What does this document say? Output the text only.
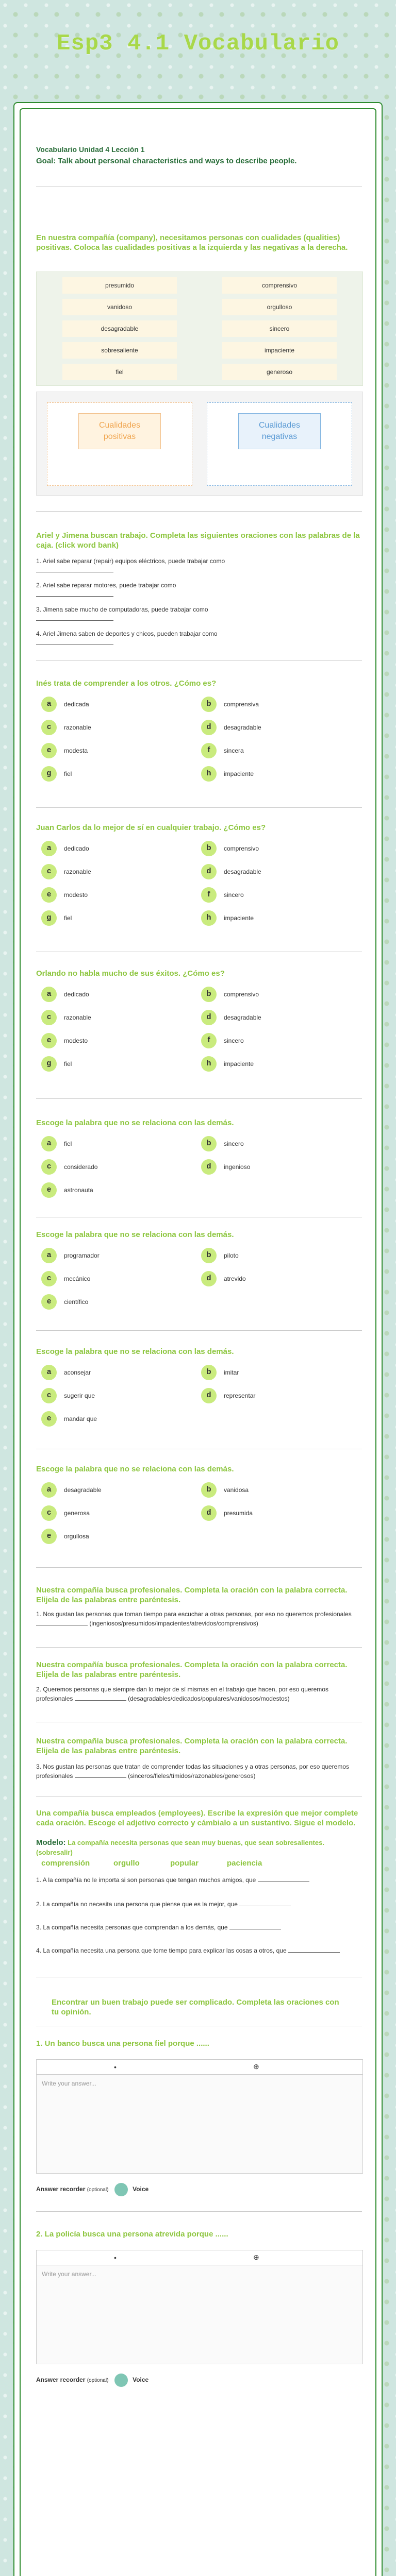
Esp3 4.1 Vocabulario
Vocabulario Unidad 4 Lección 1
Goal: Talk about personal characteristics and ways to describe people.
En nuestra compañía (company), necesitamos personas con cualidades (qualities) positivas. Coloca las cualidades positivas a la izquierda y las negativas a la derecha.
presumido	comprensivo
vanidoso	orgulloso
desagradable	sincero
sobresaliente	impaciente
fiel	generoso
Cualidades
positivas
Cualidades
negativas
Ariel y Jimena buscan trabajo. Completa las siguientes oraciones con las palabras de la caja. (click word bank)
1. Ariel sabe reparar (repair) equipos eléctricos, puede trabajar como

2. Ariel sabe reparar motores, puede trabajar como

3. Jimena sabe mucho de computadoras, puede trabajar como

4. Ariel Jimena saben de deportes y chicos, pueden trabajar como

Inés trata de comprender a los otros. ¿Cómo es?
a	dedicada	b	comprensiva
c	razonable	d	desagradable
e	modesta	f	sincera
g	fiel	h	impaciente
Juan Carlos da lo mejor de sí en cualquier trabajo. ¿Cómo es?
a	dedicado	b	comprensivo
c	razonable	d	desagradable
e	modesto	f	sincero
g	fiel	h	impaciente
Orlando no habla mucho de sus éxitos. ¿Cómo es?
a	dedicado	b	comprensivo
c	razonable	d	desagradable
e	modesto	f	sincero
g	fiel	h	impaciente
Escoge la palabra que no se relaciona con las demás.
a	fiel	b	sincero
c	considerado	d	ingenioso
e	astronauta
Escoge la palabra que no se relaciona con las demás.
a	programador	b	piloto
c	mecánico	d	atrevido
e	científico
Escoge la palabra que no se relaciona con las demás.
a	aconsejar	b	imitar
c	sugerir que	d	representar
e	mandar que
Escoge la palabra que no se relaciona con las demás.
a	desagradable	b	vanidosa
c	generosa	d	presumida
e	orgullosa
Nuestra compañía busca profesionales. Completa la oración con la palabra correcta. Elijela de las palabras entre paréntesis.
1. Nos gustan las personas que toman tiempo para escuchar a otras personas, por eso no queremos profesionales  (ingeniosos/presumidos/impacientes/atrevidos/comprensivos)
Nuestra compañía busca profesionales. Completa la oración con la palabra correcta. Elijela de las palabras entre paréntesis.
2. Queremos personas que siempre dan lo mejor de sí mismas en el trabajo que hacen, por eso queremos profesionales	(desagradables/dedicados/populares/vanidosos/modestos)
Nuestra compañía busca profesionales. Completa la oración con la palabra correcta. Elijela de las palabras entre paréntesis.
3. Nos gustan las personas que tratan de comprender todas las situaciones y a otras personas, por eso queremos profesionales	(sinceros/fieles/tímidos/razonables/generosos)
Una compañía busca empleados (employees). Escribe la expresión que mejor complete cada oración. Escoge el adjetivo correcto y cámbialo a un sustantivo. Sigue el modelo.
Modelo: La compañía necesita personas que sean muy buenas, que sean sobresalientes. (sobresalir)
comprensión	orgullo	popular	paciencia
1. A la compañía no le importa si son personas que tengan muchos amigos, que
2. La compañía no necesita una persona que piense que es la mejor, que
3. La compañía necesita personas que comprendan a los demás, que
4. La compañía necesita una persona que tome tiempo para explicar las cosas a otros, que
Encontrar un buen trabajo puede ser complicado. Completa las oraciones con tu opinión.
1. Un banco busca una persona fiel porque ......
•	⊕
Write your answer...
Answer recorder (optional)	Voice
2. La policía busca una persona atrevida porque ......
•	⊕
Write your answer...
Answer recorder (optional)	Voice
